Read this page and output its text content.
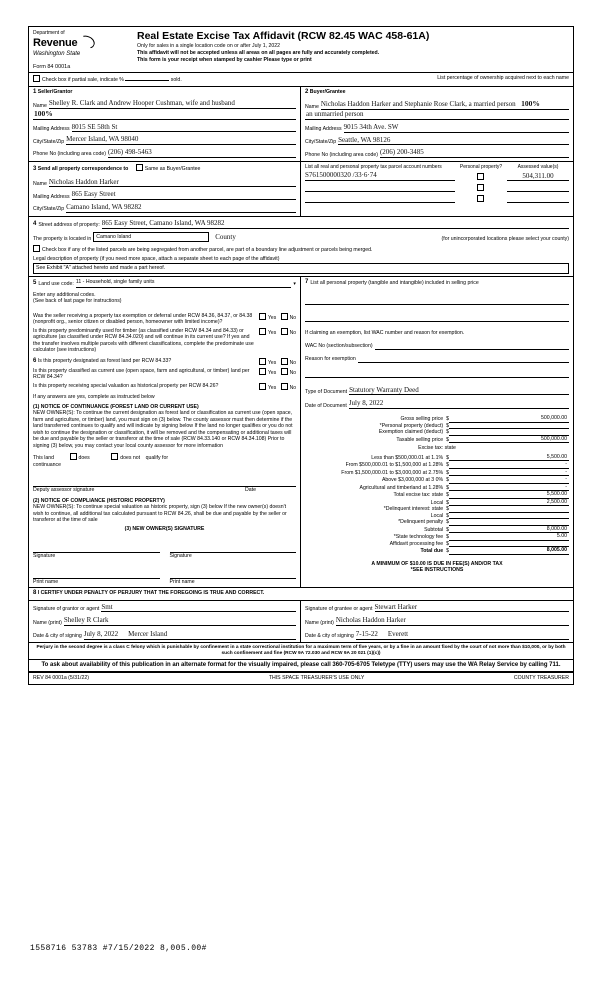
Department of
Revenue
Washington State
Form 84 0001a
Real Estate Excise Tax Affidavit (RCW 82.45 WAC 458-61A)

Only for sales in a single location code on or after July 1, 2022

This affidavit will not be accepted unless all areas on all pages are fully and accurately completed.

This form is your receipt when stamped by cashier Please type or print

Check box if partial sale, indicate %	sold.	List percentage of ownership acquired next to each name
1 Seller/Grantor
Name Shelley R. Clark and Andrew Hooper Cushman, wife and husband
100%
Mailing Address 8015 SE 58th St
City/State/Zip Mercer Island, WA 98040
Phone No (including area code) (206) 498-5463
2 Buyer/Grantee
Name Nicholas Haddon Harker and Stephanie Rose Clark, a married person 100%
an unmarried person
Mailing Address 9015 34th Ave. SW
City/State/Zip Seattle, WA 98126
Phone No (including area code) (206) 200-3485
3 Send all property correspondence to	Same as Buyer/Grantee
Name Nicholas Haddon Harker
Mailing Address 865 Easy Street
City/State/Zip Camano Island, WA 98282
List all real and personal property tax parcel account numbers	Personal property?	Assessed value(s)
S761500000320 /33·6·74	504,311.00
4 Street address of property: 865 Easy Street, Camano Island, WA 98282
The property is located in Camano Island	County	(for unincorporated locations please select your county)
Check box if any of the listed parcels are being segregated from another parcel, are part of a boundary line adjustment or parcels being merged.
Legal description of property (if you need more space, attach a separate sheet to each page of the affidavit)
See Exhibit "A" attached hereto and made a part hereof.
5 Land use code: 11 - Household, single family units	▾
Enter any additional codes.
(See back of last page for instructions)
Was the seller receiving a property tax exemption or deferral under RCW 84.36, 84.37, or 84.38 (nonprofit org., senior citizen or disabled person, homeowner with limited income)?
Yes	No
Is this property predominantly used for timber (as classified under RCW 84.34 and 84.33) or agriculture (as classified under RCW 84.34.020) and will continue in its current use? If yes and the transfer involves multiple parcels with different classifications, complete the predominate use calculator (see instructions)
Yes	No
6 Is this property designated as forest land per RCW 84.33?	Yes	No
Is this property classified as current use (open space, farm and agricultural, or timber) land per RCW 84.34?
Yes	No
Is this property receiving special valuation as historical property per RCW 84.26?	Yes	No
If any answers are yes, complete as instructed below
(1) NOTICE OF CONTINUANCE (FOREST LAND OR CURRENT USE)
NEW OWNER(S): To continue the current designation as forest land or classification as current use (open space, farm and agriculture, or timber) land, you must sign on (3) below. The county assessor must then determine if the land transferred continues to qualify and will indicate by signing below If the land no longer qualifies or you do not wish to continue the designation or classification, it will be removed and the compensating or additional taxes will be due and payable by the seller or transferor at the time of sale (RCW 84.33.140 or RCW 84.34.108) Prior to signing (3) below, you may contact your local county assessor for more information
This land	does	does not qualify for
continuance
Deputy assessor signature	Date
(2) NOTICE OF COMPLIANCE (HISTORIC PROPERTY)
NEW OWNER(S): To continue special valuation as historic property, sign (3) below If the new owner(s) doesn't wish to continue, all additional tax calculated pursuant to RCW 84.26, shall be due and payable by the seller or transferor at the time of sale
(3) NEW OWNER(S) SIGNATURE
Signature	Signature
Print name	Print name
7 List all personal property (tangible and intangible) included in selling price
If claiming an exemption, list WAC number and reason for exemption.
WAC No (section/subsection)
Reason for exemption
Type of Document Statutory Warranty Deed
Date of Document July 8, 2022
Gross selling price $	500,000.00
*Personal property (deduct) $
Exemption claimed (deduct) $
Taxable selling price $	500,000.00
Excise tax: state
Less than $500,000.01 at 1.1% $	5,500.00
From $500,000.01 to $1,500,000 at 1.28% $	-
From $1,500,000.01 to $3,000,000 at 2.75% $	-
Above $3,000,000 at 3 0% $	-
Agricultural and timberland at 1.28% $	-
Total excise tax: state $	5,500.00
Local $	2,500.00
*Delinquent interest: state $
Local $
*Delinquent penalty $
Subtotal $	8,000.00
*State technology fee $	5.00
Affidavit processing fee $
Total due $	8,005.00
A MINIMUM OF $10.00 IS DUE IN FEE(S) AND/OR TAX
*SEE INSTRUCTIONS
8 I CERTIFY UNDER PENALTY OF PERJURY THAT THE FOREGOING IS TRUE AND CORRECT.
Signature of grantor or agent Smt
Name (print) Shelley R Clark
Date & city of signing July 8, 2022 Mercer Island
Signature of grantee or agent Stewart Harker
Name (print) Nicholas Haddon Harker
Date & city of signing 7-15-22 Everett
Perjury in the second degree is a class C felony which is punishable by confinement in a state correctional institution for a maximum term of five years, or by a fine in an amount fixed by the court of not more than $10,000, or by both such confinement and fine (RCW 9A 72.030 and RCW 9A 20 021 (1)(c))
To ask about availability of this publication in an alternate format for the visually impaired, please call 360-705-6705 Teletype (TTY) users may use the WA Relay Service by calling 711.
REV 84 0001a (5/31/22)	THIS SPACE TREASURER'S USE ONLY	COUNTY TREASURER
1558716 53783 #7/15/2022 8,005.00#
